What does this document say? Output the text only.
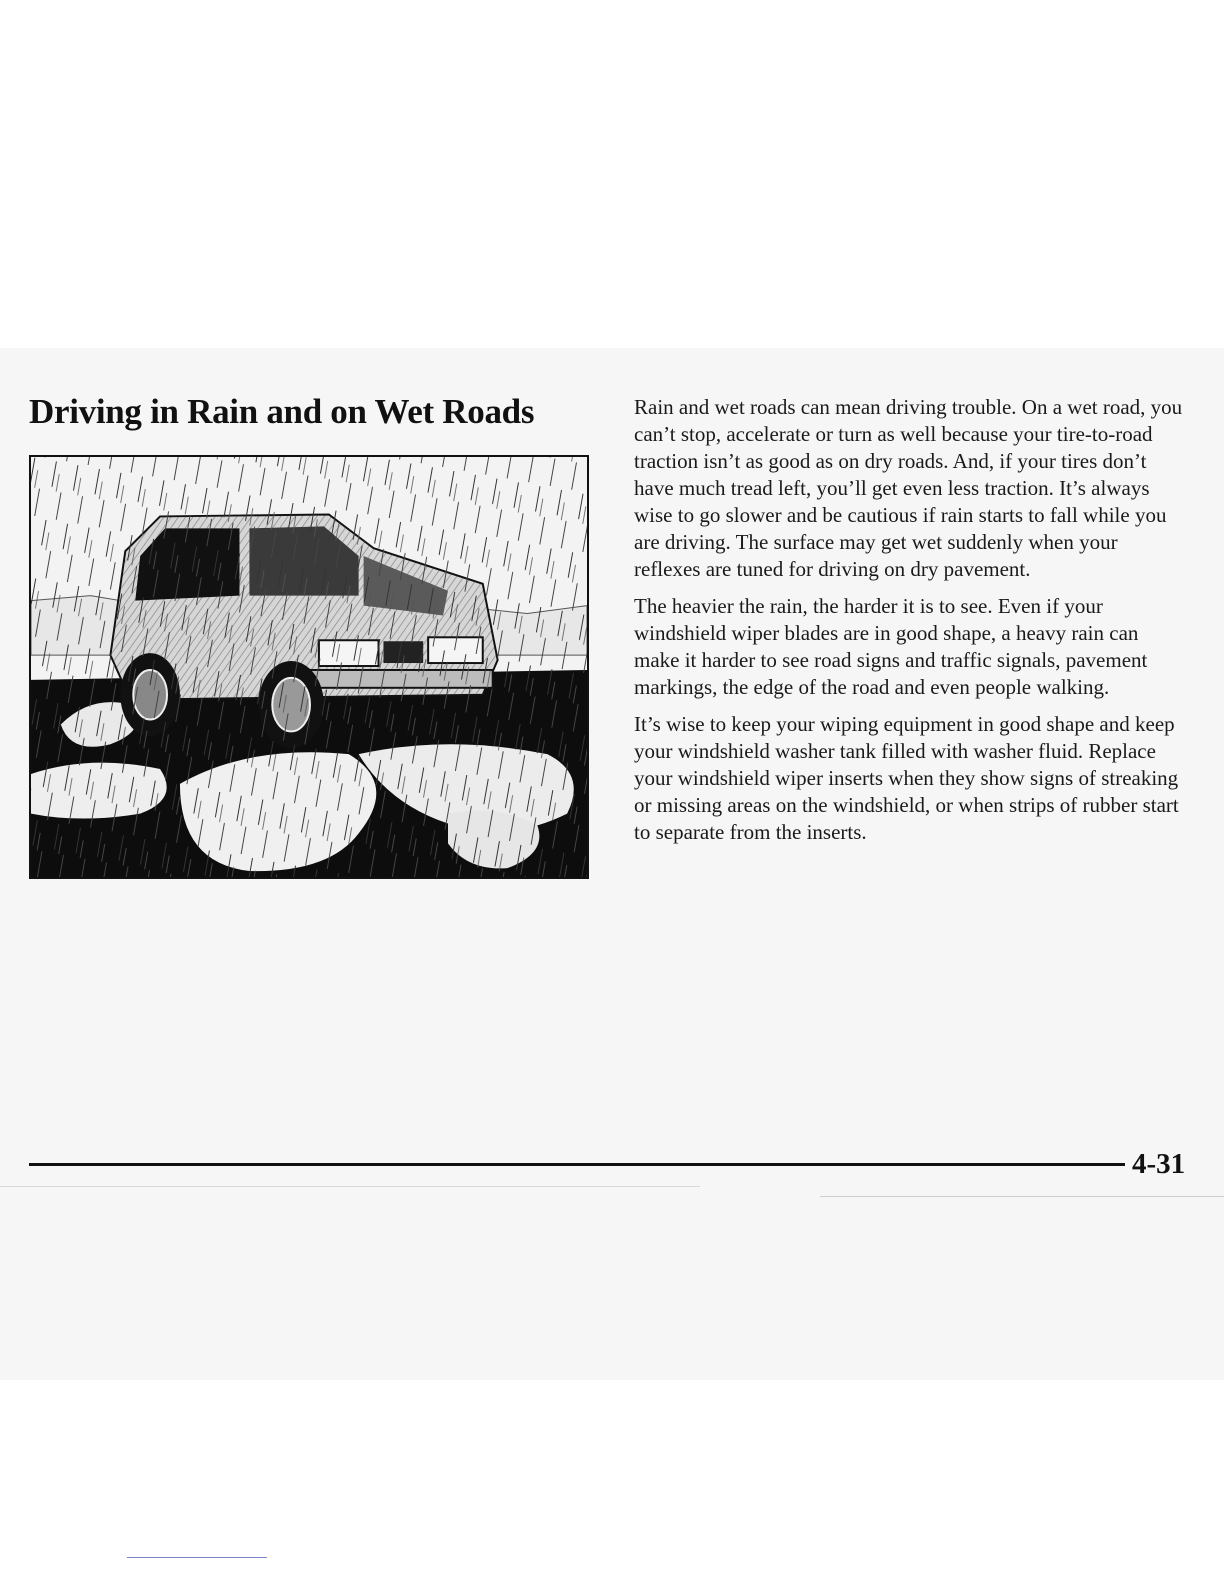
Driving in Rain and on Wet Roads	Rain and wet roads can mean driving trouble. On a wet road, you can’t stop, accelerate or turn as well because your tire-to-road traction isn’t as good as on dry roads. And, if your tires don’t have much tread left, you’ll get even less traction. It’s always wise to go slower and be cautious if rain starts to fall while you are driving. The surface may get wet suddenly when your reflexes are tuned for driving on dry pavement.

The heavier the rain, the harder it is to see. Even if your windshield wiper blades are in good shape, a heavy rain can make it harder to see road signs and traffic signals, pavement markings, the edge of the road and even people walking.

It’s wise to keep your wiping equipment in good shape and keep your windshield washer tank filled with washer fluid. Replace your windshield wiper inserts when they show signs of streaking or missing areas on the windshield, or when strips of rubber start to separate from the inserts.

4-31
